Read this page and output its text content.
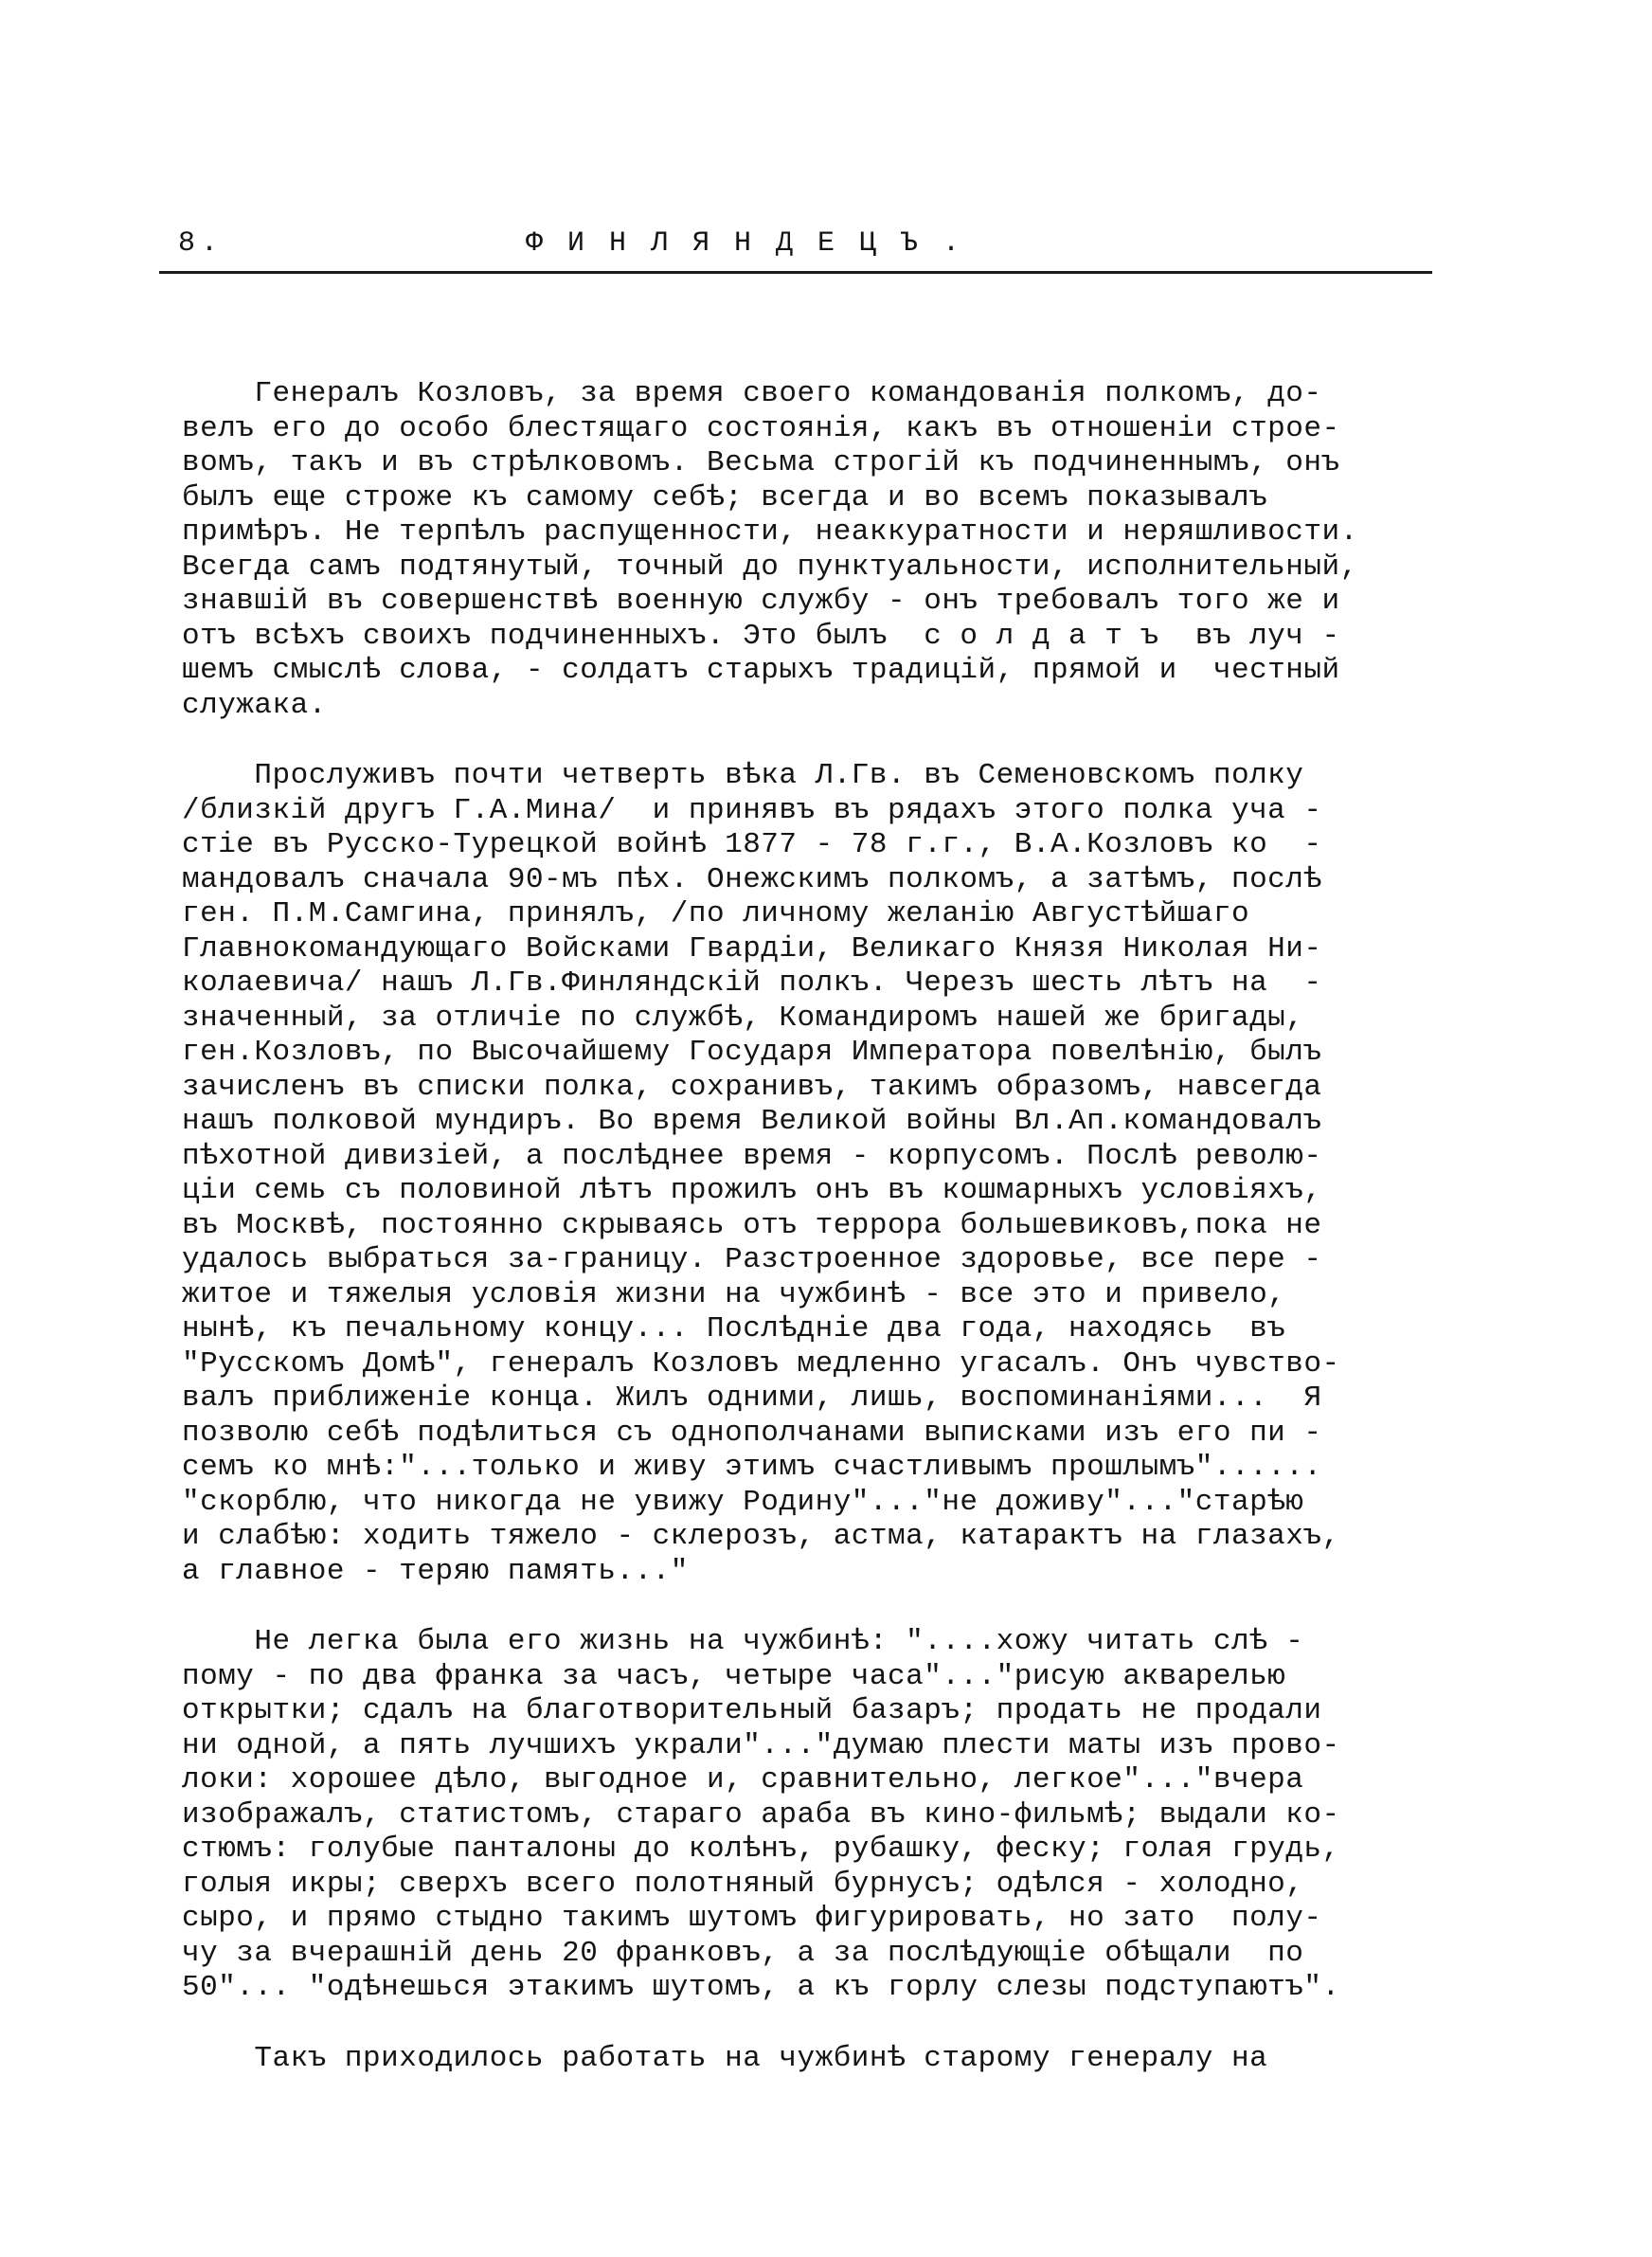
8.	Ф И Н Л Я Н Д Е Ц Ъ .
Генералъ Козловъ, за время своего командованія полкомъ, до-
велъ его до особо блестящаго состоянія, какъ въ отношеніи строе-
вомъ, такъ и въ стрѣлковомъ. Весьма строгій къ подчиненнымъ, онъ
былъ еще строже къ самому себѣ; всегда и во всемъ показывалъ
примѣръ. Не терпѣлъ распущенности, неаккуратности и неряшливости.
Всегда самъ подтянутый, точный до пунктуальности, исполнительный,
знавшій въ совершенствѣ военную службу - онъ требовалъ того же и
отъ всѣхъ своихъ подчиненныхъ. Это былъ  с о л д а т ъ  въ луч -
шемъ смыслѣ слова, - солдатъ старыхъ традицій, прямой и  честный
служака.
Прослуживъ почти четверть вѣка Л.Гв. въ Семеновскомъ полку
/близкій другъ Г.А.Мина/  и принявъ въ рядахъ этого полка уча -
стіе въ Русско-Турецкой войнѣ 1877 - 78 г.г., В.А.Козловъ ко  -
мандовалъ сначала 90-мъ пѣх. Онежскимъ полкомъ, а затѣмъ, послѣ
ген. П.М.Самгина, принялъ, /по личному желанію Августѣйшаго
Главнокомандующаго Войсками Гвардіи, Великаго Князя Николая Ни-
колаевича/ нашъ Л.Гв.Финляндскій полкъ. Черезъ шесть лѣтъ на  -
значенный, за отличіе по службѣ, Командиромъ нашей же бригады,
ген.Козловъ, по Высочайшему Государя Императора повелѣнію, былъ
зачисленъ въ списки полка, сохранивъ, такимъ образомъ, навсегда
нашъ полковой мундиръ. Во время Великой войны Вл.Ап.командовалъ
пѣхотной дивизіей, а послѣднее время - корпусомъ. Послѣ револю-
ціи семь съ половиной лѣтъ прожилъ онъ въ кошмарныхъ условіяхъ,
въ Москвѣ, постоянно скрываясь отъ террора большевиковъ,пока не
удалось выбраться за-границу. Разстроенное здоровье, все пере -
житое и тяжелыя условія жизни на чужбинѣ - все это и привело,
нынѣ, къ печальному концу... Послѣдніе два года, находясь  въ
"Русскомъ Домѣ", генералъ Козловъ медленно угасалъ. Онъ чувство-
валъ приближеніе конца. Жилъ одними, лишь, воспоминаніями...  Я
позволю себѣ подѣлиться съ однополчанами выписками изъ его пи -
семъ ко мнѣ:"...только и живу этимъ счастливымъ прошлымъ"......
"скорблю, что никогда не увижу Родину"..."не доживу"..."старѣю
и слабѣю: ходить тяжело - склерозъ, астма, катарактъ на глазахъ,
а главное - теряю память..."
Не легка была его жизнь на чужбинѣ: "....хожу читать слѣ -
пому - по два франка за часъ, четыре часа"..."рисую акварелью
открытки; сдалъ на благотворительный базаръ; продать не продали
ни одной, а пять лучшихъ украли"..."думаю плести маты изъ прово-
локи: хорошее дѣло, выгодное и, сравнительно, легкое"..."вчера
изображалъ, статистомъ, стараго араба въ кино-фильмѣ; выдали ко-
стюмъ: голубые панталоны до колѣнъ, рубашку, феску; голая грудь,
голыя икры; сверхъ всего полотняный бурнусъ; одѣлся - холодно,
сыро, и прямо стыдно такимъ шутомъ фигурировать, но зато  полу-
чу за вчерашній день 20 франковъ, а за послѣдующіе обѣщали  по
50"... "одѣнешься этакимъ шутомъ, а къ горлу слезы подступаютъ".
Такъ приходилось работать на чужбинѣ старому генералу на
